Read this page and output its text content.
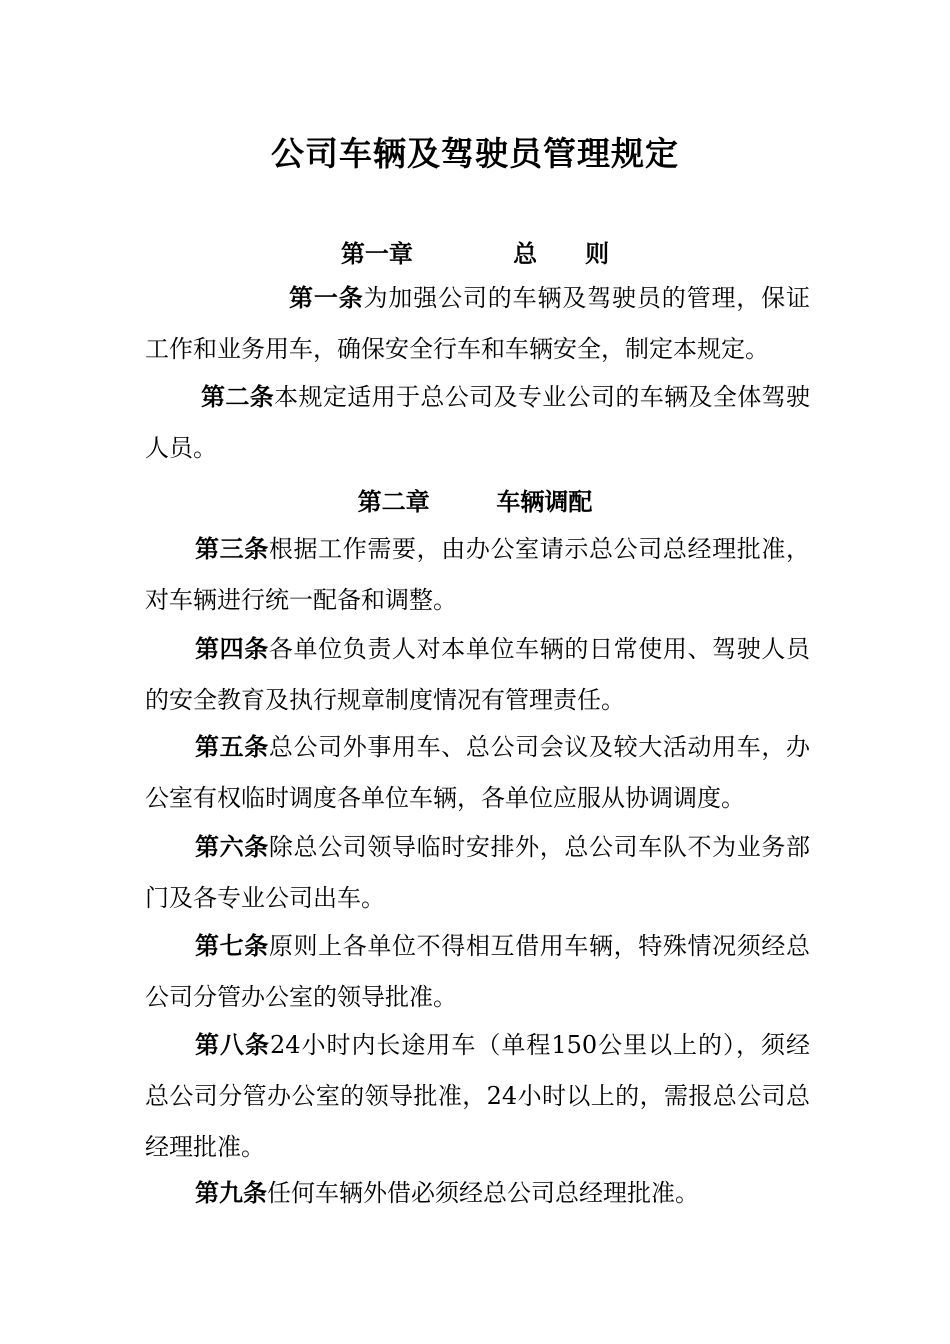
公司车辆及驾驶员管理规定

第一章	总　　则

第一条为加强公司的车辆及驾驶员的管理，保证工作和业务用车，确保安全行车和车辆安全，制定本规定。

第二条本规定适用于总公司及专业公司的车辆及全体驾驶人员。

第二章	车辆调配

第三条根据工作需要，由办公室请示总公司总经理批准，对车辆进行统一配备和调整。

第四条各单位负责人对本单位车辆的日常使用、驾驶人员的安全教育及执行规章制度情况有管理责任。

第五条总公司外事用车、总公司会议及较大活动用车，办公室有权临时调度各单位车辆，各单位应服从协调调度。

第六条除总公司领导临时安排外，总公司车队不为业务部门及各专业公司出车。

第七条原则上各单位不得相互借用车辆，特殊情况须经总公司分管办公室的领导批准。

第八条24小时内长途用车（单程150公里以上的），须经总公司分管办公室的领导批准，24小时以上的，需报总公司总经理批准。

第九条任何车辆外借必须经总公司总经理批准。
